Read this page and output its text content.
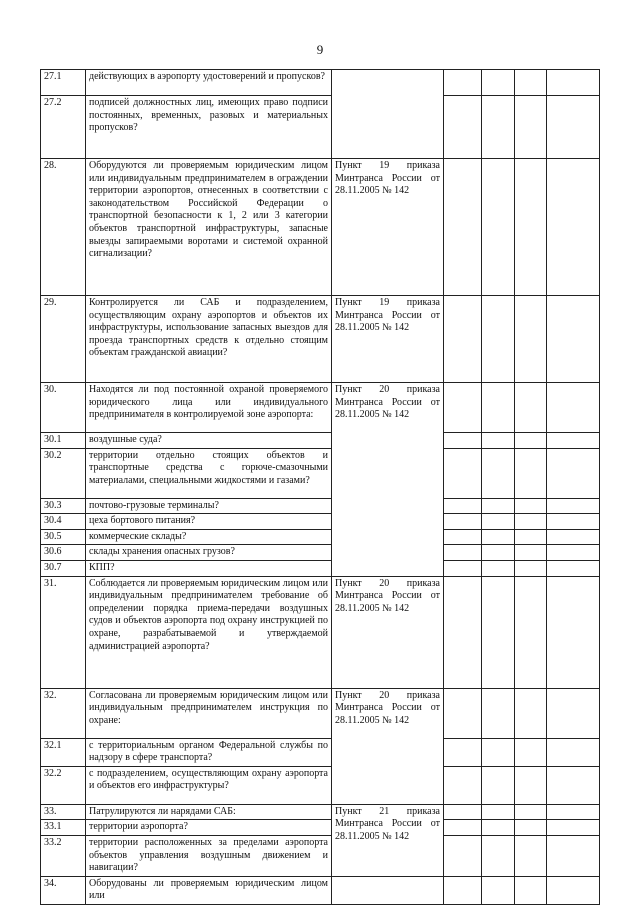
9
27.1	действующих в аэропорту удостоверений и пропусков?					
27.2	подписей должностных лиц, имеющих право подписи постоянных, временных, разовых и материальных пропусков?					
28.	Оборудуются ли проверяемым юридическим лицом или индивидуальным предпринимателем в ограждении территории аэропортов, отнесенных в соответствии с законодательством Российской Федерации о транспортной безопасности к 1, 2 или 3 категории объектов транспортной инфраструктуры, запасные выезды запираемыми воротами и системой охранной сигнализации?	Пункт 19 приказа Минтранса России от 28.11.2005 № 142				
29.	Контролируется ли САБ и подразделением, осуществляющим охрану аэропортов и объектов их инфраструктуры, использование запасных выездов для проезда транспортных средств к отдельно стоящим объектам гражданской авиации?	Пункт 19 приказа Минтранса России от 28.11.2005 № 142				
30.	Находятся ли под постоянной охраной проверяемого юридического лица или индивидуального предпринимателя в контролируемой зоне аэропорта:	Пункт 20 приказа Минтранса России от 28.11.2005 № 142				
30.1	воздушные суда?					
30.2	территории отдельно стоящих объектов и транспортные средства с горюче-смазочными материалами, специальными жидкостями и газами?					
30.3	почтово-грузовые терминалы?					
30.4	цеха бортового питания?					
30.5	коммерческие склады?					
30.6	склады хранения опасных грузов?					
30.7	КПП?					
31.	Соблюдается ли проверяемым юридическим лицом или индивидуальным предпринимателем требование об определении порядка приема-передачи воздушных судов и объектов аэропорта под охрану инструкцией по охране, разрабатываемой и утверждаемой администрацией аэропорта?	Пункт 20 приказа Минтранса России от 28.11.2005 № 142				
32.	Согласована ли проверяемым юридическим лицом или индивидуальным предпринимателем инструкция по охране:	Пункт 20 приказа Минтранса России от 28.11.2005 № 142				
32.1	с территориальным органом Федеральной службы по надзору в сфере транспорта?					
32.2	с подразделением, осуществляющим охрану аэропорта и объектов его инфраструктуры?					
33.	Патрулируются ли нарядами САБ:	Пункт 21 приказа Минтранса России от 28.11.2005 № 142				
33.1	территории аэропорта?					
33.2	территории расположенных за пределами аэропорта объектов управления воздушным движением и навигации?					
34.	Оборудованы ли проверяемым юридическим лицом или					
